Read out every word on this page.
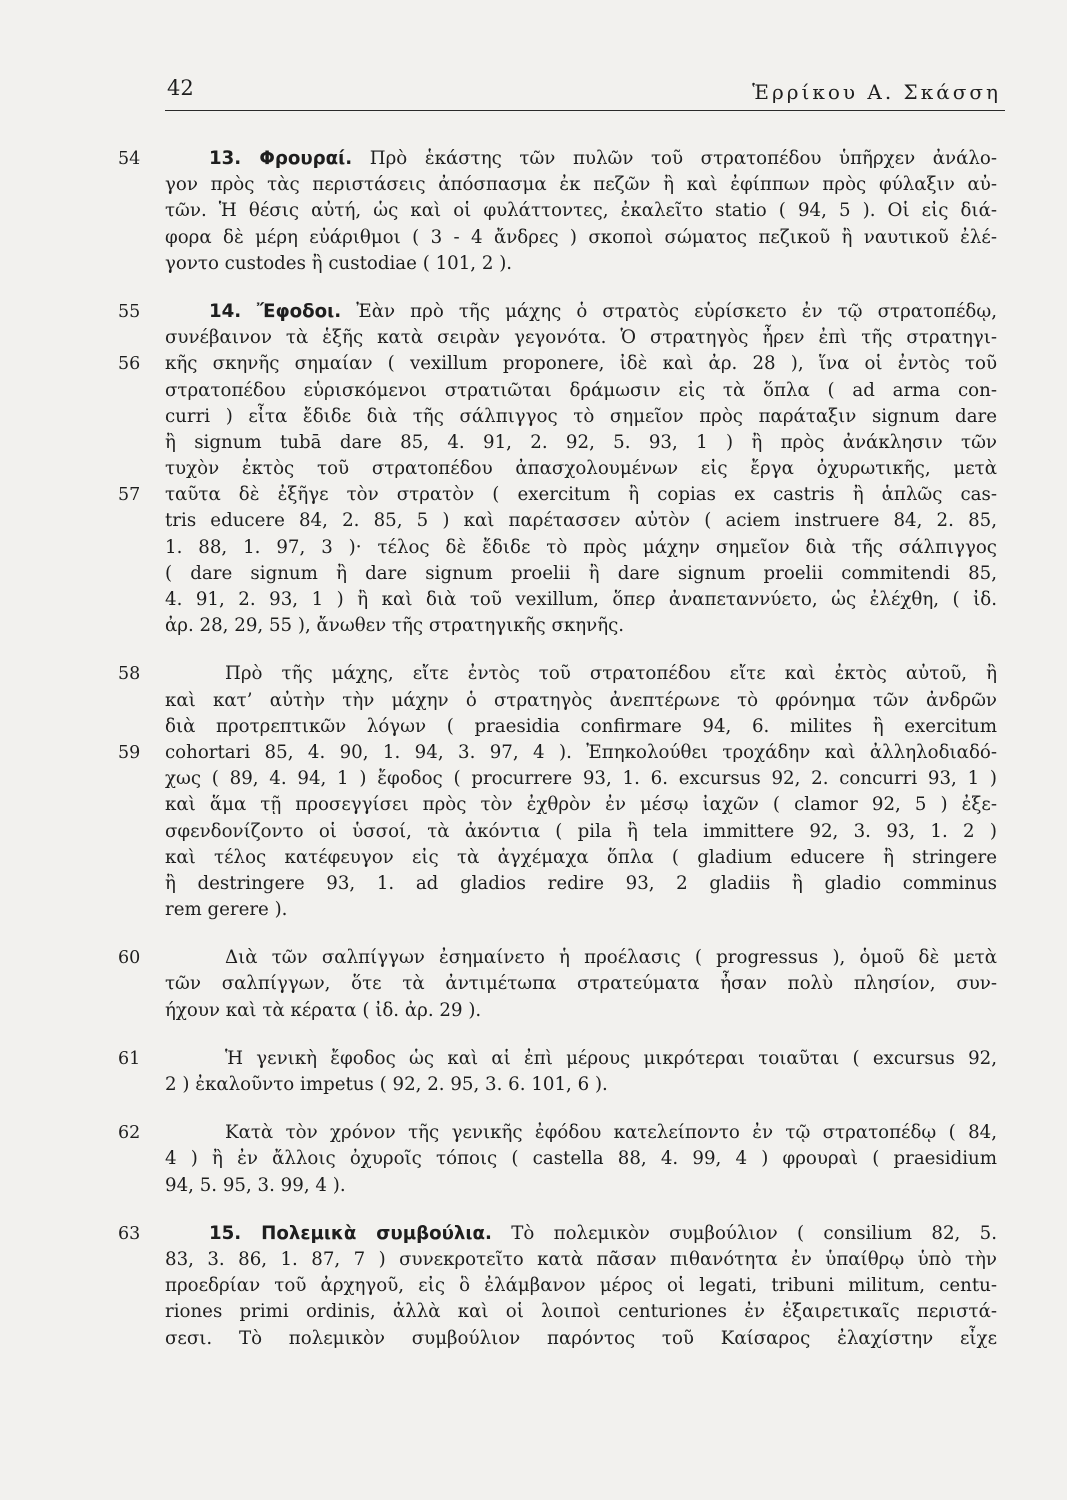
42	Ἑρρίκου Α. Σκάσση
54	13. Φρουραί. Πρὸ ἑκάστης τῶν πυλῶν τοῦ στρατοπέδου ὑπῆρχεν ἀνάλο-
γον πρὸς τὰς περιστάσεις ἀπόσπασμα ἐκ πεζῶν ἢ καὶ ἐφίππων πρὸς φύλαξιν αὐ-
τῶν. Ἡ θέσις αὐτή, ὡς καὶ οἱ φυλάττοντες, ἐκαλεῖτο statio ( 94, 5 ). Οἱ εἰς διά-
φορα δὲ μέρη εὐάριθμοι ( 3 - 4 ἄνδρες ) σκοποὶ σώματος πεζικοῦ ἢ ναυτικοῦ ἐλέ-
γοντο custodes ἢ custodiae ( 101, 2 ).
55	14. Ἔφοδοι. Ἐὰν πρὸ τῆς μάχης ὁ στρατὸς εὑρίσκετο ἐν τῷ στρατοπέδῳ,
συνέβαινον τὰ ἑξῆς κατὰ σειρὰν γεγονότα. Ὁ στρατηγὸς ἦρεν ἐπὶ τῆς στρατηγι-
56	κῆς σκηνῆς σημαίαν ( vexillum proponere, ἰδὲ καὶ ἀρ. 28 ), ἵνα οἱ ἐντὸς τοῦ
στρατοπέδου εὑρισκόμενοι στρατιῶται δράμωσιν εἰς τὰ ὅπλα ( ad arma con-
curri ) εἶτα ἔδιδε διὰ τῆς σάλπιγγος τὸ σημεῖον πρὸς παράταξιν signum dare
ἢ signum tubā dare 85, 4. 91, 2. 92, 5. 93, 1 ) ἢ πρὸς ἀνάκλησιν τῶν
τυχὸν ἐκτὸς τοῦ στρατοπέδου ἀπασχολουμένων εἰς ἔργα ὀχυρωτικῆς, μετὰ
57	ταῦτα δὲ ἐξῆγε τὸν στρατὸν ( exercitum ἢ copias ex castris ἢ ἁπλῶς cas-
tris educere 84, 2. 85, 5 ) καὶ παρέτασσεν αὐτὸν ( aciem instruere 84, 2. 85,
1. 88, 1. 97, 3 )· τέλος δὲ ἔδιδε τὸ πρὸς μάχην σημεῖον διὰ τῆς σάλπιγγος
( dare signum ἢ dare signum proelii ἢ dare signum proelii commitendi 85,
4. 91, 2. 93, 1 ) ἢ καὶ διὰ τοῦ vexillum, ὅπερ ἀναπεταννύετο, ὡς ἐλέχθη, ( ἰδ.
ἀρ. 28, 29, 55 ), ἄνωθεν τῆς στρατηγικῆς σκηνῆς.
58	Πρὸ τῆς μάχης, εἴτε ἐντὸς τοῦ στρατοπέδου εἴτε καὶ ἐκτὸς αὐτοῦ, ἢ
καὶ κατ’ αὐτὴν τὴν μάχην ὁ στρατηγὸς ἀνεπτέρωνε τὸ φρόνημα τῶν ἀνδρῶν
διὰ προτρεπτικῶν λόγων ( praesidia confirmare 94, 6. milites ἢ exercitum
59	cohortari 85, 4. 90, 1. 94, 3. 97, 4 ). Ἐπηκολούθει τροχάδην καὶ ἀλληλοδιαδό-
χως ( 89, 4. 94, 1 ) ἔφοδος ( procurrere 93, 1. 6. excursus 92, 2. concurri 93, 1 )
καὶ ἅμα τῇ προσεγγίσει πρὸς τὸν ἐχθρὸν ἐν μέσῳ ἰαχῶν ( clamor 92, 5 ) ἐξε-
σφενδονίζοντο οἱ ὑσσοί, τὰ ἀκόντια ( pila ἢ tela immittere 92, 3. 93, 1. 2 )
καὶ τέλος κατέφευγον εἰς τὰ ἀγχέμαχα ὅπλα ( gladium educere ἢ stringere
ἢ destringere 93, 1. ad gladios redire 93, 2 gladiis ἢ gladio comminus
rem gerere ).
60	Διὰ τῶν σαλπίγγων ἐσημαίνετο ἡ προέλασις ( progressus ), ὁμοῦ δὲ μετὰ
τῶν σαλπίγγων, ὅτε τὰ ἀντιμέτωπα στρατεύματα ἦσαν πολὺ πλησίον, συν-
ήχουν καὶ τὰ κέρατα ( ἰδ. ἀρ. 29 ).
61	Ἡ γενικὴ ἔφοδος ὡς καὶ αἱ ἐπὶ μέρους μικρότεραι τοιαῦται ( excursus 92,
2 ) ἐκαλοῦντο impetus ( 92, 2. 95, 3. 6. 101, 6 ).
62	Κατὰ τὸν χρόνον τῆς γενικῆς ἐφόδου κατελείποντο ἐν τῷ στρατοπέδῳ ( 84,
4 ) ἢ ἐν ἄλλοις ὀχυροῖς τόποις ( castella 88, 4. 99, 4 ) φρουραὶ ( praesidium
94, 5. 95, 3. 99, 4 ).
63	15. Πολεμικὰ συμβούλια. Τὸ πολεμικὸν συμβούλιον ( consilium 82, 5.
83, 3. 86, 1. 87, 7 ) συνεκροτεῖτο κατὰ πᾶσαν πιθανότητα ἐν ὑπαίθρῳ ὑπὸ τὴν
προεδρίαν τοῦ ἀρχηγοῦ, εἰς ὃ ἐλάμβανον μέρος οἱ legati, tribuni militum, centu-
riones primi ordinis, ἀλλὰ καὶ οἱ λοιποὶ centuriones ἐν ἐξαιρετικαῖς περιστά-
σεσι. Τὸ πολεμικὸν συμβούλιον παρόντος τοῦ Καίσαρος ἐλαχίστην εἶχε
